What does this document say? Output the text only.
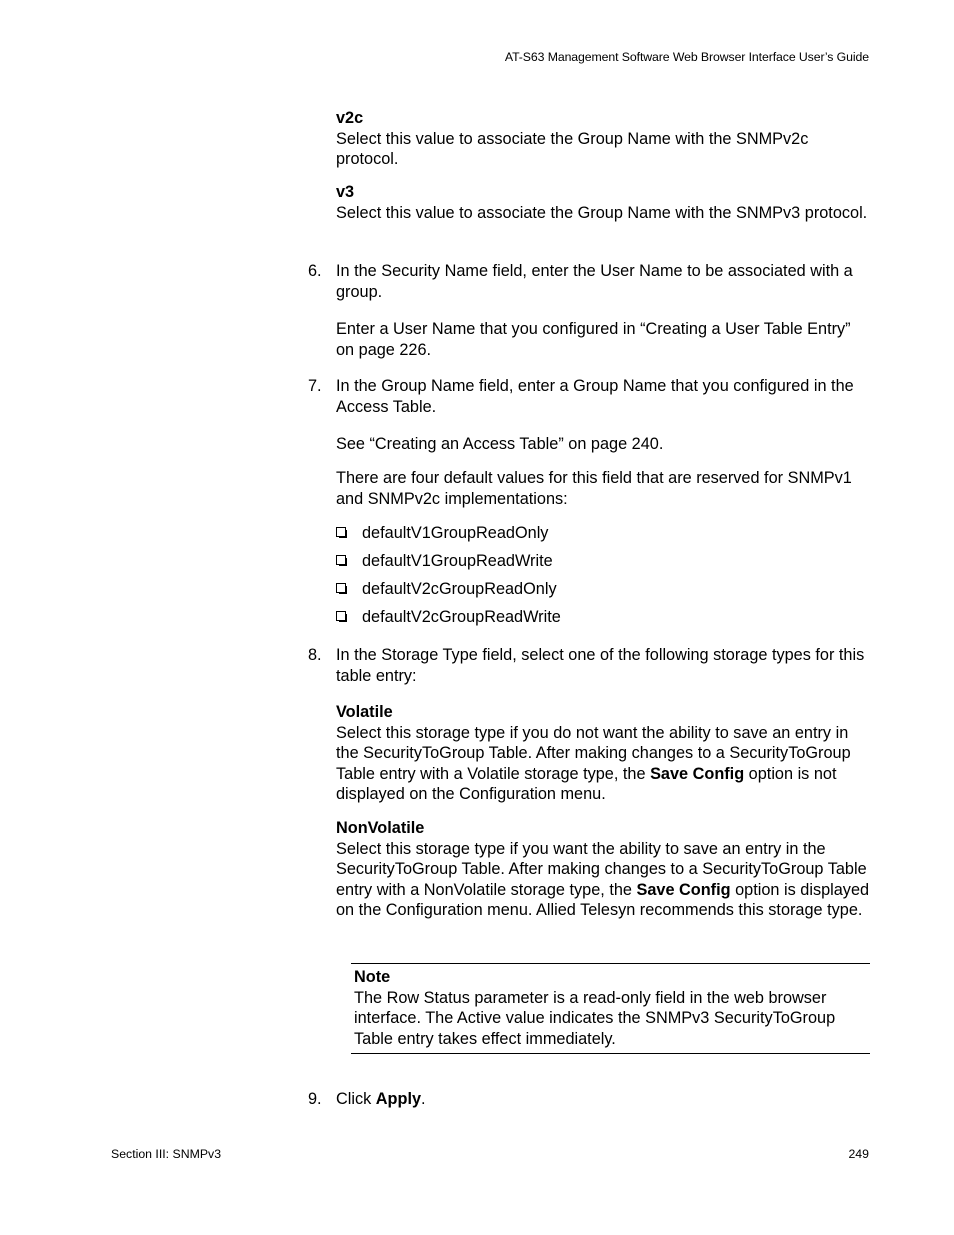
AT-S63 Management Software Web Browser Interface User’s Guide

v2c
Select this value to associate the Group Name with the SNMPv2c protocol.

v3
Select this value to associate the Group Name with the SNMPv3 protocol.

6. In the Security Name field, enter the User Name to be associated with a group.

Enter a User Name that you configured in “Creating a User Table Entry” on page 226.

7. In the Group Name field, enter a Group Name that you configured in the Access Table.

See “Creating an Access Table” on page 240.

There are four default values for this field that are reserved for SNMPv1 and SNMPv2c implementations:

defaultV1GroupReadOnly
defaultV1GroupReadWrite
defaultV2cGroupReadOnly
defaultV2cGroupReadWrite
8. In the Storage Type field, select one of the following storage types for this table entry:

Volatile
Select this storage type if you do not want the ability to save an entry in the SecurityToGroup Table. After making changes to a SecurityToGroup Table entry with a Volatile storage type, the Save Config option is not displayed on the Configuration menu.

NonVolatile
Select this storage type if you want the ability to save an entry in the SecurityToGroup Table. After making changes to a SecurityToGroup Table entry with a NonVolatile storage type, the Save Config option is displayed on the Configuration menu. Allied Telesyn recommends this storage type.

Note
The Row Status parameter is a read-only field in the web browser interface. The Active value indicates the SNMPv3 SecurityToGroup Table entry takes effect immediately.

9. Click Apply.

Section III: SNMPv3	249
